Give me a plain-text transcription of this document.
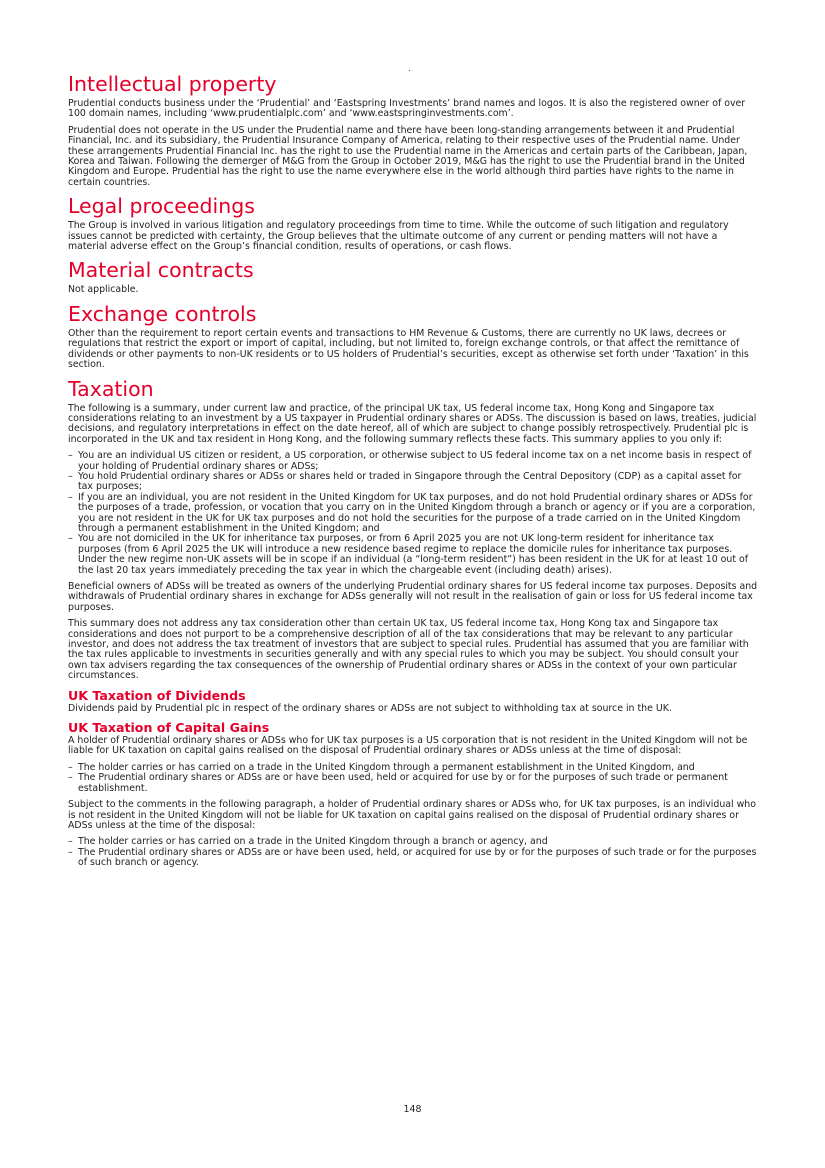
Intellectual property

Prudential conducts business under the ‘Prudential’ and ‘Eastspring Investments’ brand names and logos. It is also the registered owner of over 100 domain names, including ‘www.prudentialplc.com’ and ‘www.eastspringinvestments.com’.

Prudential does not operate in the US under the Prudential name and there have been long-standing arrangements between it and Prudential Financial, Inc. and its subsidiary, the Prudential Insurance Company of America, relating to their respective uses of the Prudential name. Under these arrangements Prudential Financial Inc. has the right to use the Prudential name in the Americas and certain parts of the Caribbean, Japan, Korea and Taiwan. Following the demerger of M&G from the Group in October 2019, M&G has the right to use the Prudential brand in the United Kingdom and Europe. Prudential has the right to use the name everywhere else in the world although third parties have rights to the name in certain countries.

Legal proceedings

The Group is involved in various litigation and regulatory proceedings from time to time. While the outcome of such litigation and regulatory issues cannot be predicted with certainty, the Group believes that the ultimate outcome of any current or pending matters will not have a material adverse effect on the Group’s financial condition, results of operations, or cash flows.

Material contracts

Not applicable.

Exchange controls

Other than the requirement to report certain events and transactions to HM Revenue & Customs, there are currently no UK laws, decrees or regulations that restrict the export or import of capital, including, but not limited to, foreign exchange controls, or that affect the remittance of dividends or other payments to non-UK residents or to US holders of Prudential’s securities, except as otherwise set forth under ‘Taxation’ in this section.

Taxation

The following is a summary, under current law and practice, of the principal UK tax, US federal income tax, Hong Kong and Singapore tax considerations relating to an investment by a US taxpayer in Prudential ordinary shares or ADSs. The discussion is based on laws, treaties, judicial decisions, and regulatory interpretations in effect on the date hereof, all of which are subject to change possibly retrospectively. Prudential plc is incorporated in the UK and tax resident in Hong Kong, and the following summary reflects these facts. This summary applies to you only if:

– You are an individual US citizen or resident, a US corporation, or otherwise subject to US federal income tax on a net income basis in respect of your holding of Prudential ordinary shares or ADSs;
– You hold Prudential ordinary shares or ADSs or shares held or traded in Singapore through the Central Depository (CDP) as a capital asset for tax purposes;
– If you are an individual, you are not resident in the United Kingdom for UK tax purposes, and do not hold Prudential ordinary shares or ADSs for the purposes of a trade, profession, or vocation that you carry on in the United Kingdom through a branch or agency or if you are a corporation, you are not resident in the UK for UK tax purposes and do not hold the securities for the purpose of a trade carried on in the United Kingdom through a permanent establishment in the United Kingdom; and
– You are not domiciled in the UK for inheritance tax purposes, or from 6 April 2025 you are not UK long-term resident for inheritance tax purposes (from 6 April 2025 the UK will introduce a new residence based regime to replace the domicile rules for inheritance tax purposes. Under the new regime non-UK assets will be in scope if an individual (a “long-term resident”) has been resident in the UK for at least 10 out of the last 20 tax years immediately preceding the tax year in which the chargeable event (including death) arises).

Beneficial owners of ADSs will be treated as owners of the underlying Prudential ordinary shares for US federal income tax purposes. Deposits and withdrawals of Prudential ordinary shares in exchange for ADSs generally will not result in the realisation of gain or loss for US federal income tax purposes.

This summary does not address any tax consideration other than certain UK tax, US federal income tax, Hong Kong tax and Singapore tax considerations and does not purport to be a comprehensive description of all of the tax considerations that may be relevant to any particular investor, and does not address the tax treatment of investors that are subject to special rules. Prudential has assumed that you are familiar with the tax rules applicable to investments in securities generally and with any special rules to which you may be subject. You should consult your own tax advisers regarding the tax consequences of the ownership of Prudential ordinary shares or ADSs in the context of your own particular circumstances.

UK Taxation of Dividends

Dividends paid by Prudential plc in respect of the ordinary shares or ADSs are not subject to withholding tax at source in the UK.

UK Taxation of Capital Gains

A holder of Prudential ordinary shares or ADSs who for UK tax purposes is a US corporation that is not resident in the United Kingdom will not be liable for UK taxation on capital gains realised on the disposal of Prudential ordinary shares or ADSs unless at the time of disposal:

– The holder carries or has carried on a trade in the United Kingdom through a permanent establishment in the United Kingdom, and
– The Prudential ordinary shares or ADSs are or have been used, held or acquired for use by or for the purposes of such trade or permanent establishment.

Subject to the comments in the following paragraph, a holder of Prudential ordinary shares or ADSs who, for UK tax purposes, is an individual who is not resident in the United Kingdom will not be liable for UK taxation on capital gains realised on the disposal of Prudential ordinary shares or ADSs unless at the time of the disposal:

– The holder carries or has carried on a trade in the United Kingdom through a branch or agency, and
– The Prudential ordinary shares or ADSs are or have been used, held, or acquired for use by or for the purposes of such trade or for the purposes of such branch or agency.
148
